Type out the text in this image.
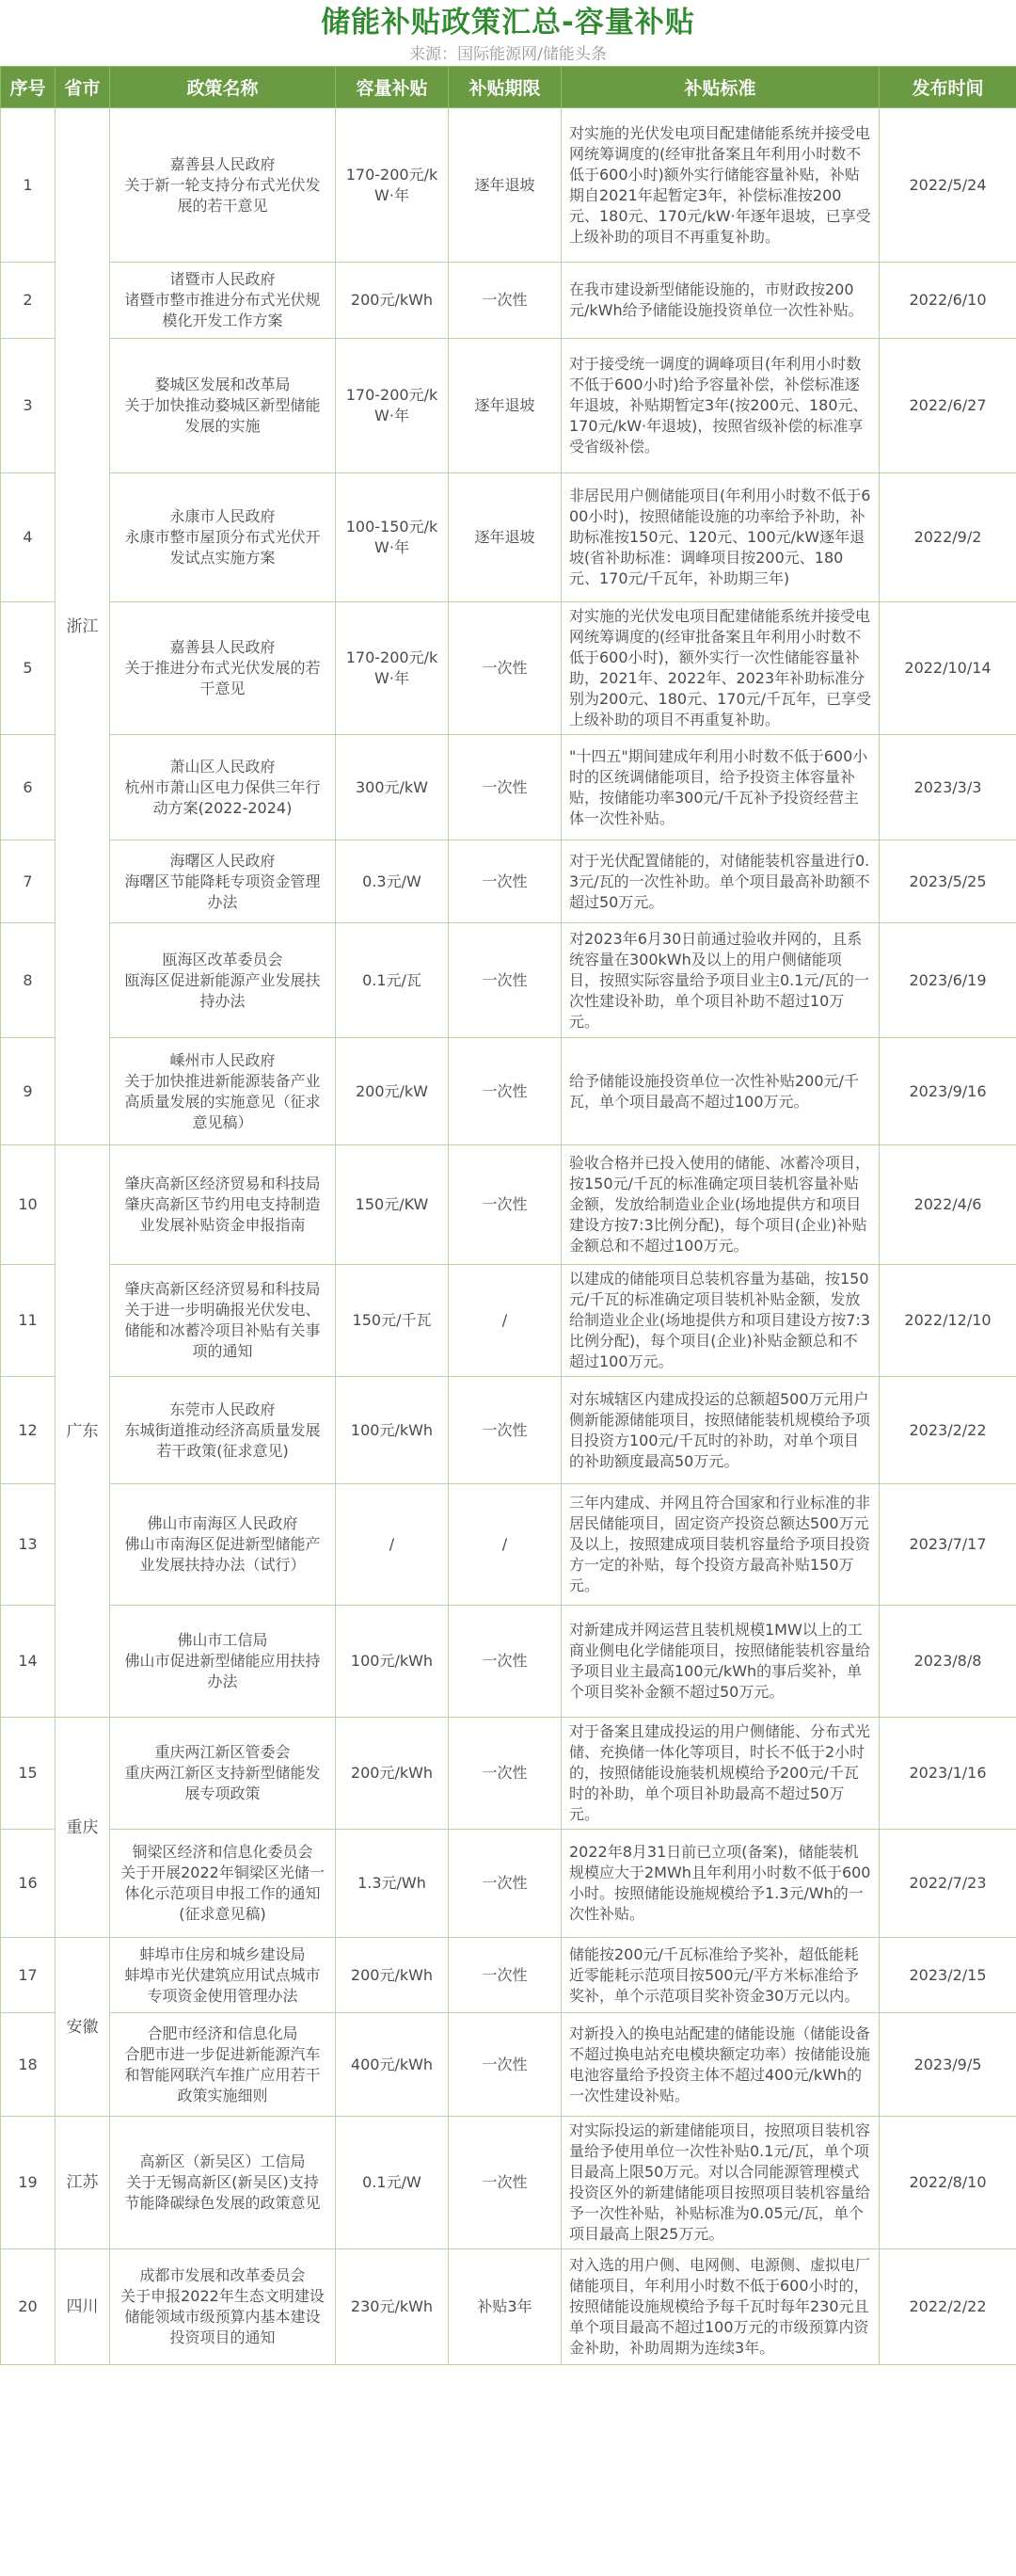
储能补贴政策汇总-容量补贴
来源：国际能源网/储能头条
序号	省市	政策名称	容量补贴	补贴期限	补贴标准	发布时间
1	浙江	嘉善县人民政府
关于新一轮支持分布式光伏发展的若干意见	170-200元/kW·年	逐年退坡	对实施的光伏发电项目配建储能系统并接受电网统筹调度的(经审批备案且年利用小时数不低于600小时)额外实行储能容量补贴，补贴期自2021年起暂定3年，补偿标准按200元、180元、170元/kW·年逐年退坡，已享受上级补助的项目不再重复补助。	2022/5/24
2		诸暨市人民政府
诸暨市整市推进分布式光伏规模化开发工作方案	200元/kWh	一次性	在我市建设新型储能设施的，市财政按200元/kWh给予储能设施投资单位一次性补贴。	2022/6/10
3		婺城区发展和改革局
关于加快推动婺城区新型储能发展的实施	170-200元/kW·年	逐年退坡	对于接受统一调度的调峰项目(年利用小时数不低于600小时)给予容量补偿，补偿标准逐年退坡，补贴期暂定3年(按200元、180元、170元/kW·年退坡)，按照省级补偿的标准享受省级补偿。	2022/6/27
4		永康市人民政府
永康市整市屋顶分布式光伏开发试点实施方案	100-150元/kW·年	逐年退坡	非居民用户侧储能项目(年利用小时数不低于600小时)，按照储能设施的功率给予补助，补助标准按150元、120元、100元/kW逐年退坡(省补助标准：调峰项目按200元、180元、170元/千瓦年，补助期三年)	2022/9/2
5		嘉善县人民政府
关于推进分布式光伏发展的若干意见	170-200元/kW·年	一次性	对实施的光伏发电项目配建储能系统并接受电网统筹调度的(经审批备案且年利用小时数不低于600小时)，额外实行一次性储能容量补助，2021年、2022年、2023年补助标准分别为200元、180元、170元/千瓦年，已享受上级补助的项目不再重复补助。	2022/10/14
6		萧山区人民政府
杭州市萧山区电力保供三年行动方案(2022-2024)	300元/kW	一次性	"十四五"期间建成年利用小时数不低于600小时的区统调储能项目，给予投资主体容量补贴，按储能功率300元/千瓦补予投资经营主体一次性补贴。	2023/3/3
7		海曙区人民政府
海曙区节能降耗专项资金管理办法	0.3元/W	一次性	对于光伏配置储能的，对储能装机容量进行0.3元/瓦的一次性补助。单个项目最高补助额不超过50万元。	2023/5/25
8		瓯海区改革委员会
瓯海区促进新能源产业发展扶持办法	0.1元/瓦	一次性	对2023年6月30日前通过验收并网的，且系统容量在300kWh及以上的用户侧储能项目，按照实际容量给予项目业主0.1元/瓦的一次性建设补助，单个项目补助不超过10万元。	2023/6/19
9		嵊州市人民政府
关于加快推进新能源装备产业高质量发展的实施意见（征求意见稿）	200元/kW	一次性	给予储能设施投资单位一次性补贴200元/千瓦，单个项目最高不超过100万元。	2023/9/16
10	广东	肇庆高新区经济贸易和科技局
肇庆高新区节约用电支持制造业发展补贴资金申报指南	150元/KW	一次性	验收合格并已投入使用的储能、冰蓄冷项目，按150元/千瓦的标准确定项目装机容量补贴金额，发放给制造业企业(场地提供方和项目建设方按7:3比例分配)，每个项目(企业)补贴金额总和不超过100万元。	2022/4/6
11		肇庆高新区经济贸易和科技局
关于进一步明确报光伏发电、储能和冰蓄冷项目补贴有关事项的通知	150元/千瓦	/	以建成的储能项目总装机容量为基础，按150元/千瓦的标准确定项目装机补贴金额，发放给制造业企业(场地提供方和项目建设方按7:3比例分配)，每个项目(企业)补贴金额总和不超过100万元。	2022/12/10
12		东莞市人民政府
东城街道推动经济高质量发展若干政策(征求意见)	100元/kWh	一次性	对东城辖区内建成投运的总额超500万元用户侧新能源储能项目，按照储能装机规模给予项目投资方100元/千瓦时的补助，对单个项目的补助额度最高50万元。	2023/2/22
13		佛山市南海区人民政府
佛山市南海区促进新型储能产业发展扶持办法（试行）	/	/	三年内建成、并网且符合国家和行业标准的非居民储能项目，固定资产投资总额达500万元及以上，按照建成项目装机容量给予项目投资方一定的补贴，每个投资方最高补贴150万元。	2023/7/17
14		佛山市工信局
佛山市促进新型储能应用扶持办法	100元/kWh	一次性	对新建成并网运营且装机规模1MW以上的工商业侧电化学储能项目，按照储能装机容量给予项目业主最高100元/kWh的事后奖补，单个项目奖补金额不超过50万元。	2023/8/8
15	重庆	重庆两江新区管委会
重庆两江新区支持新型储能发展专项政策	200元/kWh	一次性	对于备案且建成投运的用户侧储能、分布式光储、充换储一体化等项目，时长不低于2小时的，按照储能设施装机规模给予200元/千瓦时的补助，单个项目补助最高不超过50万元。	2023/1/16
16		铜梁区经济和信息化委员会
关于开展2022年铜梁区光储一体化示范项目申报工作的通知(征求意见稿)	1.3元/Wh	一次性	2022年8月31日前已立项(备案)，储能装机规模应大于2MWh且年利用小时数不低于600小时。按照储能设施规模给予1.3元/Wh的一次性补贴。	2022/7/23
17	安徽	蚌埠市住房和城乡建设局
蚌埠市光伏建筑应用试点城市专项资金使用管理办法	200元/kWh	一次性	储能按200元/千瓦标准给予奖补，超低能耗近零能耗示范项目按500元/平方米标准给予奖补，单个示范项目奖补资金30万元以内。	2023/2/15
18		合肥市经济和信息化局
合肥市进一步促进新能源汽车和智能网联汽车推广应用若干政策实施细则	400元/kWh	一次性	对新投入的换电站配建的储能设施（储能设备不超过换电站充电模块额定功率）按储能设施电池容量给予投资主体不超过400元/kWh的一次性建设补贴。	2023/9/5
19	江苏	高新区（新吴区）工信局
关于无锡高新区(新吴区)支持节能降碳绿色发展的政策意见	0.1元/W	一次性	对实际投运的新建储能项目，按照项目装机容量给予使用单位一次性补贴0.1元/瓦，单个项目最高上限50万元。对以合同能源管理模式投资区外的新建储能项目按照项目装机容量给予一次性补贴，补贴标准为0.05元/瓦，单个项目最高上限25万元。	2022/8/10
20	四川	成都市发展和改革委员会
关于申报2022年生态文明建设储能领域市级预算内基本建设投资项目的通知	230元/kWh	补贴3年	对入选的用户侧、电网侧、电源侧、虚拟电厂储能项目，年利用小时数不低于600小时的，按照储能设施规模给予每千瓦时每年230元且单个项目最高不超过100万元的市级预算内资金补助，补助周期为连续3年。	2022/2/22
